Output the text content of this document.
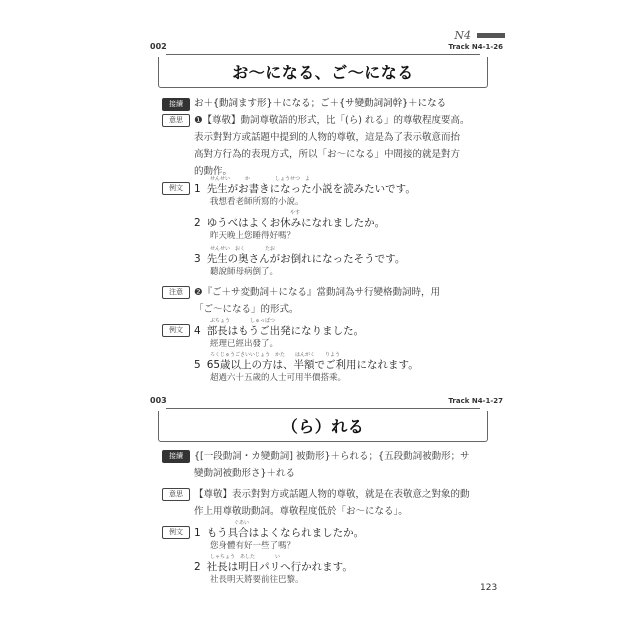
N4
002	Track N4-1-26
お～になる、ご～になる
接續	お＋{動詞ます形}＋になる；ご＋{サ變動詞詞幹}＋になる
意思	❶【尊敬】動詞尊敬語的形式，比「(ら) れる」的尊敬程度要高。
表示對對方或話題中提到的人物的尊敬，這是為了表示敬意而抬
高對方行為的表現方式，所以「お～になる」中間接的就是對方
的動作。
例文
せんせい　　　か　　　　　しょうせつ　よ
1 先生がお書きになった小説を読みたいです。
我想看老師所寫的小說。
やす
2 ゆうべはよくお休みになれましたか。
昨天晚上您睡得好嗎？
せんせい　おく　　　　たお
3 先生の奥さんがお倒れになったそうです。
聽說師母病倒了。
注意	❷『ご＋サ変動詞＋になる』當動詞為サ行變格動詞時，用
「ご～になる」的形式。
例文
ぶちょう　　　　しゅっぱつ
4 部長はもうご出発になりました。
經理已經出發了。
ろくじゅうごさいいじょう　かた　　はんがく　　りよう
5 65歳以上の方は、半額でご利用になれます。
超過六十五歲的人士可用半價搭乘。
003	Track N4-1-27
（ら）れる
接續	{[一段動詞・カ變動詞] 被動形}＋られる；{五段動詞被動形；サ
變動詞被動形さ}＋れる
意思	【尊敬】表示對對方或話題人物的尊敬，就是在表敬意之對象的動
作上用尊敬助動詞。尊敬程度低於「お～になる」。
例文
ぐあい
1 もう具合はよくなられましたか。
您身體有好一些了嗎？
しゃちょう　あした　　　　い
2 社長は明日パリへ行かれます。
社長明天將要前往巴黎。
123
